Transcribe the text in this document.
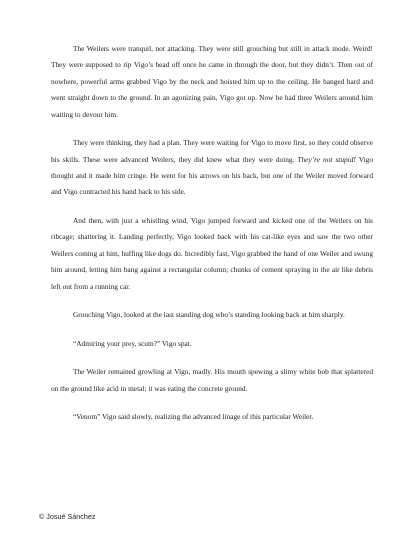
The Weilers were tranquil, not attacking. They were still grouching but still in attack mode. Weird! They were supposed to rip Vigo’s head off once he came in through the door, but they didn’t. Then out of nowhere, powerful arms grabbed Vigo by the neck and hoisted him up to the ceiling. He banged hard and went straight down to the ground. In an agonizing pain, Vigo got up. Now he had three Weilers around him waiting to devour him.

They were thinking, they had a plan. They were waiting for Vigo to move first, so they could observe his skills. These were advanced Weilers, they did knew what they were doing. They’re not stupid! Vigo thought and it made him cringe. He went for his arrows on his back, but one of the Weiler moved forward and Vigo contracted his hand back to his side.

And then, with just a whistling wind, Vigo jumped forward and kicked one of the Weilers on his ribcage; shattering it. Landing perfectly, Vigo looked back with his cat-like eyes and saw the two other Weilers coming at him, huffing like dogs do. Incredibly fast, Vigo grabbed the hand of one Weiler and swung him around, letting him bang against a rectangular column; chunks of cement spraying in the air like debris left out from a running car.

Grouching Vigo, looked at the last standing dog who’s standing looking back at him sharply.

“Admiring your prey, scum?” Vigo spat.

The Weiler remained growling at Vigo, madly. His mouth spewing a slimy white bob that splattered on the ground like acid in metal; it was eating the concrete ground.

“Venom” Vigo said slowly, realizing the advanced linage of this particular Weiler.

© Josué Sánchez
